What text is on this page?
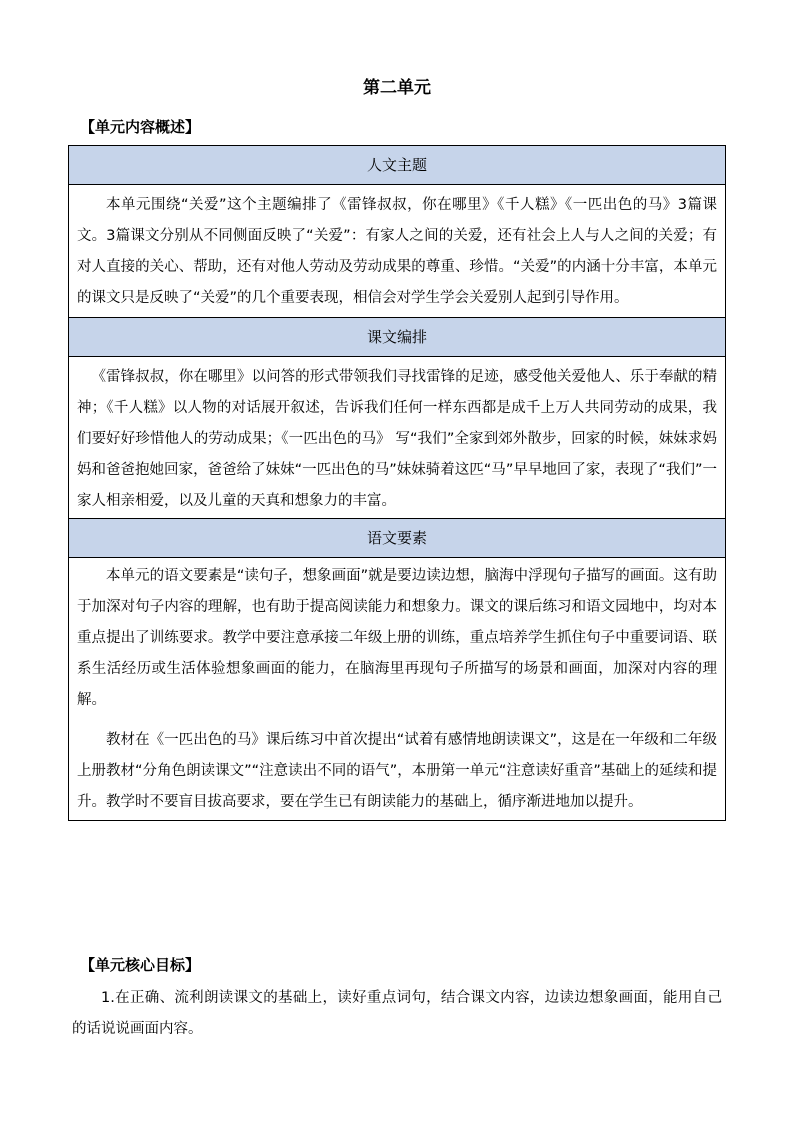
第二单元
【单元内容概述】
人文主题

本单元围绕“关爱”这个主题编排了《雷锋叔叔，你在哪里》《千人糕》《一匹出色的马》3篇课文。3篇课文分别从不同侧面反映了“关爱”：有家人之间的关爱，还有社会上人与人之间的关爱；有对人直接的关心、帮助，还有对他人劳动及劳动成果的尊重、珍惜。“关爱”的内涵十分丰富，本单元的课文只是反映了“关爱”的几个重要表现，相信会对学生学会关爱别人起到引导作用。

课文编排

《雷锋叔叔，你在哪里》以问答的形式带领我们寻找雷锋的足迹，感受他关爱他人、乐于奉献的精神；《千人糕》以人物的对话展开叙述，告诉我们任何一样东西都是成千上万人共同劳动的成果，我们要好好珍惜他人的劳动成果；《一匹出色的马》 写“我们”全家到郊外散步，回家的时候，妹妹求妈妈和爸爸抱她回家，爸爸给了妹妹“一匹出色的马”妹妹骑着这匹“马”早早地回了家，表现了“我们”一家人相亲相爱，以及儿童的天真和想象力的丰富。

语文要素

本单元的语文要素是“读句子，想象画面”就是要边读边想，脑海中浮现句子描写的画面。这有助于加深对句子内容的理解，也有助于提高阅读能力和想象力。课文的课后练习和语文园地中，均对本重点提出了训练要求。教学中要注意承接二年级上册的训练，重点培养学生抓住句子中重要词语、联系生活经历或生活体验想象画面的能力，在脑海里再现句子所描写的场景和画面，加深对内容的理解。

教材在《一匹出色的马》课后练习中首次提出“试着有感情地朗读课文”，这是在一年级和二年级上册教材“分角色朗读课文”“注意读出不同的语气”，本册第一单元“注意读好重音”基础上的延续和提升。教学时不要盲目拔高要求，要在学生已有朗读能力的基础上，循序渐进地加以提升。

【单元核心目标】

1.在正确、流利朗读课文的基础上，读好重点词句，结合课文内容，边读边想象画面，能用自己的话说说画面内容。
